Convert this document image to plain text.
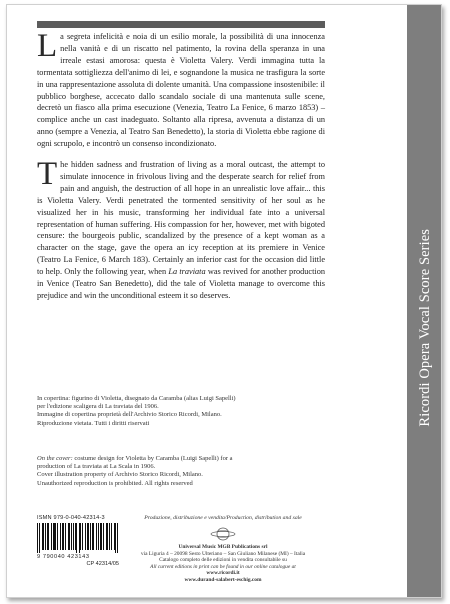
Ricordi Opera Vocal Score Series
La segreta infelicità e noia di un esilio morale, la possibilità di una innocenza nella vanità e di un riscatto nel patimento, la rovina della speranza in una irreale estasi amorosa: questa è Violetta Valery. Verdi immagina tutta la tormentata sottigliezza dell'animo di lei, e sognandone la musica ne trasfigura la sorte in una rappresentazione assoluta di dolente umanità. Una compassione insostenibile: il pubblico borghese, accecato dallo scandalo sociale di una mantenuta sulle scene, decretò un fiasco alla prima esecuzione (Venezia, Teatro La Fenice, 6 marzo 1853) – complice anche un cast inadeguato. Soltanto alla ripresa, avvenuta a distanza di un anno (sempre a Venezia, al Teatro San Benedetto), la storia di Violetta ebbe ragione di ogni scrupolo, e incontrò un consenso incondizionato.
The hidden sadness and frustration of living as a moral outcast, the attempt to simulate innocence in frivolous living and the desperate search for relief from pain and anguish, the destruction of all hope in an unrealistic love affair... this is Violetta Valery. Verdi penetrated the tormented sensitivity of her soul as he visualized her in his music, transforming her individual fate into a universal representation of human suffering. His compassion for her, however, met with bigoted censure: the bourgeois public, scandalized by the presence of a kept woman as a character on the stage, gave the opera an icy reception at its premiere in Venice (Teatro La Fenice, 6 March 183). Certainly an inferior cast for the occasion did little to help. Only the following year, when La traviata was revived for another production in Venice (Teatro San Benedetto), did the tale of Violetta manage to overcome this prejudice and win the unconditional esteem it so deserves.
In copertina: figurino di Violetta, disegnato da Caramba (alias Luigi Sapelli) per l'edizione scaligera di La traviata del 1906.
Immagine di copertina proprietà dell'Archivio Storico Ricordi, Milano. Riproduzione vietata. Tutti i diritti riservati
On the cover: costume design for Violetta by Caramba (Luigi Sapelli) for a production of La traviata at La Scala in 1906.
Cover illustration property of Archivio Storico Ricordi, Milano. Unauthorized reproduction is prohibited. All rights reserved
ISMN 979-0-040-42314-3
9 790040 423143
CP 42314/05
Produzione, distribuzione e vendita/Production, distribution and sale
Universal Music MGB Publications srl
via Liguria 4 – 20098 Sesto Ulteriano – San Giuliano Milanese (MI) – Italia
Catalogo completo delle edizioni in vendita consultabile su
All current editions in print can be found in our online catalogue at
www.ricordi.it
www.durand-salabert-eschig.com
